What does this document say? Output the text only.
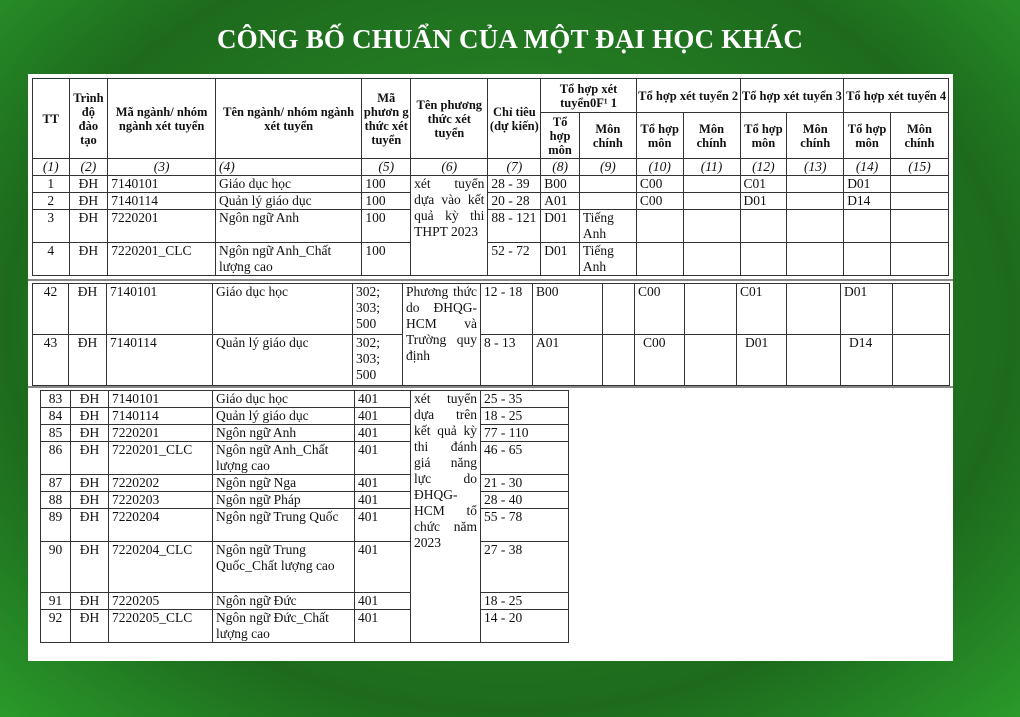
CÔNG BỐ CHUẨN CỦA MỘT ĐẠI HỌC KHÁC
TT	Trình độ đào tạo	Mã ngành/ nhóm ngành xét tuyển	Tên ngành/ nhóm ngành xét tuyển	Mã phươn g thức xét tuyển	Tên phương thức xét tuyển	Chỉ tiêu (dự kiến)	Tổ hợp xét tuyển0F¹ 1		Tổ hợp xét tuyển 2		Tổ hợp xét tuyển 3		Tổ hợp xét tuyển 4	
							Tổ hợp môn	Môn chính	Tổ hợp môn	Môn chính	Tổ hợp môn	Môn chính	Tổ hợp môn	Môn chính
(1)	(2)	(3)	(4)	(5)	(6)	(7)	(8)	(9)	(10)	(11)	(12)	(13)	(14)	(15)
1	ĐH	7140101	Giáo dục học	100	xét tuyển dựa vào kết quả kỳ thi THPT 2023	28 - 39	B00		C00		C01		D01	
2	ĐH	7140114	Quản lý giáo dục	100		20 - 28	A01		C00		D01		D14	
3	ĐH	7220201	Ngôn ngữ Anh	100		88 - 121	D01	Tiếng Anh						
4	ĐH	7220201_CLC	Ngôn ngữ Anh_Chất lượng cao	100		52 - 72	D01	Tiếng Anh						
42	ĐH	7140101	Giáo dục học	302; 303; 500	Phương thức do ĐHQG-HCM và Trường quy định	12 - 18	B00		C00		C01		D01	
43	ĐH	7140114	Quản lý giáo dục	302; 303; 500		8 - 13	A01		C00		D01		D14	
83	ĐH	7140101	Giáo dục học	401	xét tuyển dựa trên kết quả kỳ thi đánh giá năng lực do ĐHQG-HCM tổ chức năm 2023	25 - 35	
84	ĐH	7140114	Quản lý giáo dục	401		18 - 25	
85	ĐH	7220201	Ngôn ngữ Anh	401		77 - 110	
86	ĐH	7220201_CLC	Ngôn ngữ Anh_Chất lượng cao	401		46 - 65	
87	ĐH	7220202	Ngôn ngữ Nga	401		21 - 30	
88	ĐH	7220203	Ngôn ngữ Pháp	401		28 - 40	
89	ĐH	7220204	Ngôn ngữ Trung Quốc	401		55 - 78	
90	ĐH	7220204_CLC	Ngôn ngữ Trung Quốc_Chất lượng cao	401		27 - 38	
91	ĐH	7220205	Ngôn ngữ Đức	401		18 - 25	
92	ĐH	7220205_CLC	Ngôn ngữ Đức_Chất lượng cao	401		14 - 20	
